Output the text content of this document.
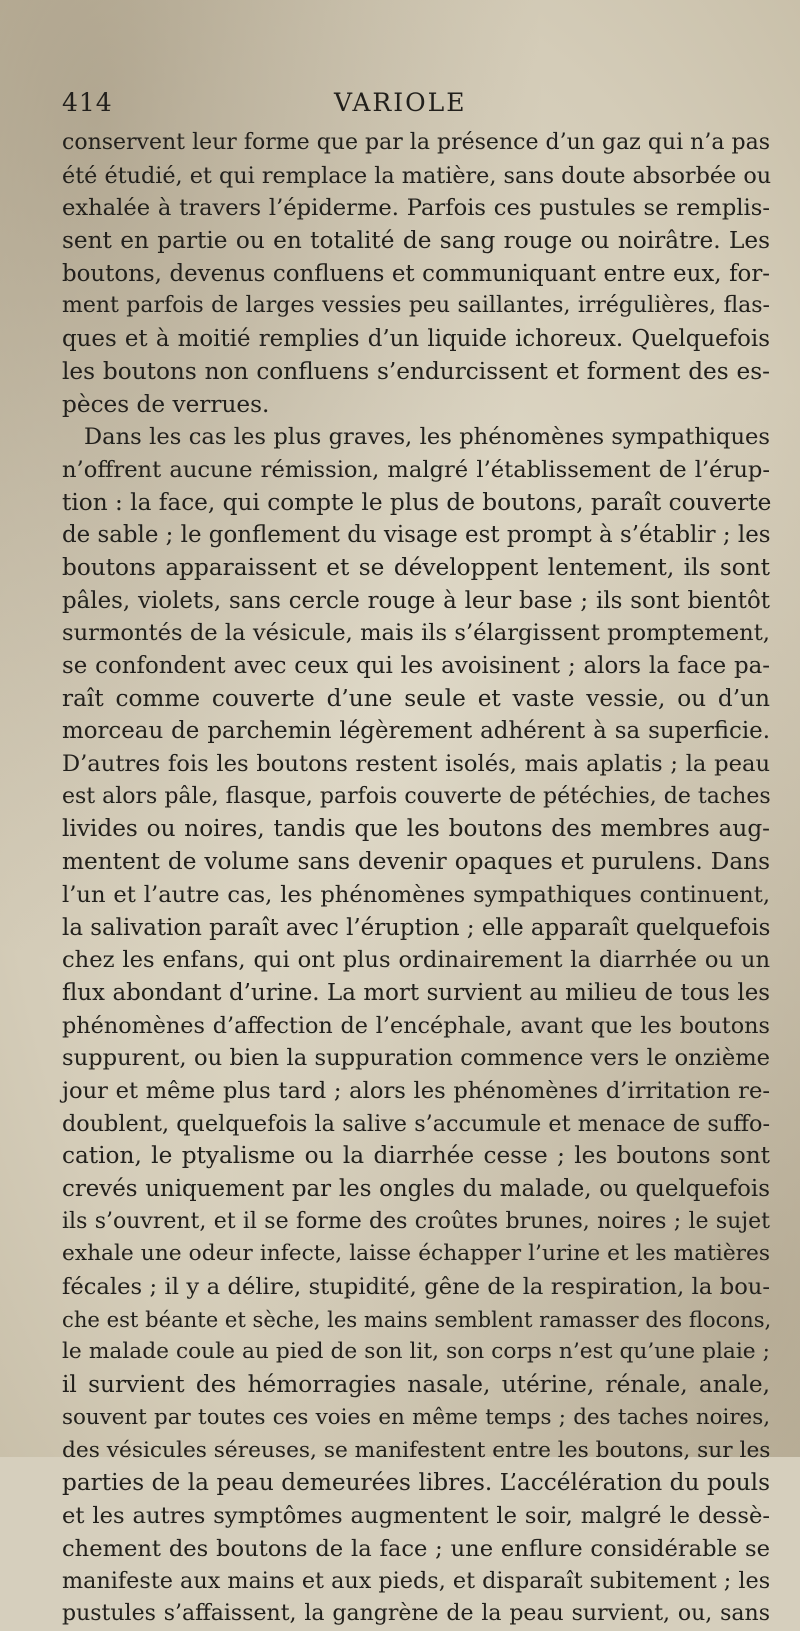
414	VARIOLE
conservent leur forme que par la présence d’un gaz qui n’a pas
été étudié, et qui remplace la matière, sans doute absorbée ou
exhalée à travers l’épiderme. Parfois ces pustules se remplis-
sent en partie ou en totalité de sang rouge ou noirâtre. Les
boutons, devenus confluens et communiquant entre eux, for-
ment parfois de larges vessies peu saillantes, irrégulières, flas-
ques et à moitié remplies d’un liquide ichoreux. Quelquefois
les boutons non confluens s’endurcissent et forment des es-
pèces de verrues.
Dans les cas les plus graves, les phénomènes sympathiques
n’offrent aucune rémission, malgré l’établissement de l’érup-
tion : la face, qui compte le plus de boutons, paraît couverte
de sable ; le gonflement du visage est prompt à s’établir ; les
boutons apparaissent et se développent lentement, ils sont
pâles, violets, sans cercle rouge à leur base ; ils sont bientôt
surmontés de la vésicule, mais ils s’élargissent promptement,
se confondent avec ceux qui les avoisinent ; alors la face pa-
raît comme couverte d’une seule et vaste vessie, ou d’un
morceau de parchemin légèrement adhérent à sa superficie.
D’autres fois les boutons restent isolés, mais aplatis ; la peau
est alors pâle, flasque, parfois couverte de pétéchies, de taches
livides ou noires, tandis que les boutons des membres aug-
mentent de volume sans devenir opaques et purulens. Dans
l’un et l’autre cas, les phénomènes sympathiques continuent,
la salivation paraît avec l’éruption ; elle apparaît quelquefois
chez les enfans, qui ont plus ordinairement la diarrhée ou un
flux abondant d’urine. La mort survient au milieu de tous les
phénomènes d’affection de l’encéphale, avant que les boutons
suppurent, ou bien la suppuration commence vers le onzième
jour et même plus tard ; alors les phénomènes d’irritation re-
doublent, quelquefois la salive s’accumule et menace de suffo-
cation, le ptyalisme ou la diarrhée cesse ; les boutons sont
crevés uniquement par les ongles du malade, ou quelquefois
ils s’ouvrent, et il se forme des croûtes brunes, noires ; le sujet
exhale une odeur infecte, laisse échapper l’urine et les matières
fécales ; il y a délire, stupidité, gêne de la respiration, la bou-
che est béante et sèche, les mains semblent ramasser des flocons,
le malade coule au pied de son lit, son corps n’est qu’une plaie ;
il survient des hémorragies nasale, utérine, rénale, anale,
souvent par toutes ces voies en même temps ; des taches noires,
des vésicules séreuses, se manifestent entre les boutons, sur les
parties de la peau demeurées libres. L’accélération du pouls
et les autres symptômes augmentent le soir, malgré le dessè-
chement des boutons de la face ; une enflure considérable se
manifeste aux mains et aux pieds, et disparaît subitement ; les
pustules s’affaissent, la gangrène de la peau survient, ou, sans
